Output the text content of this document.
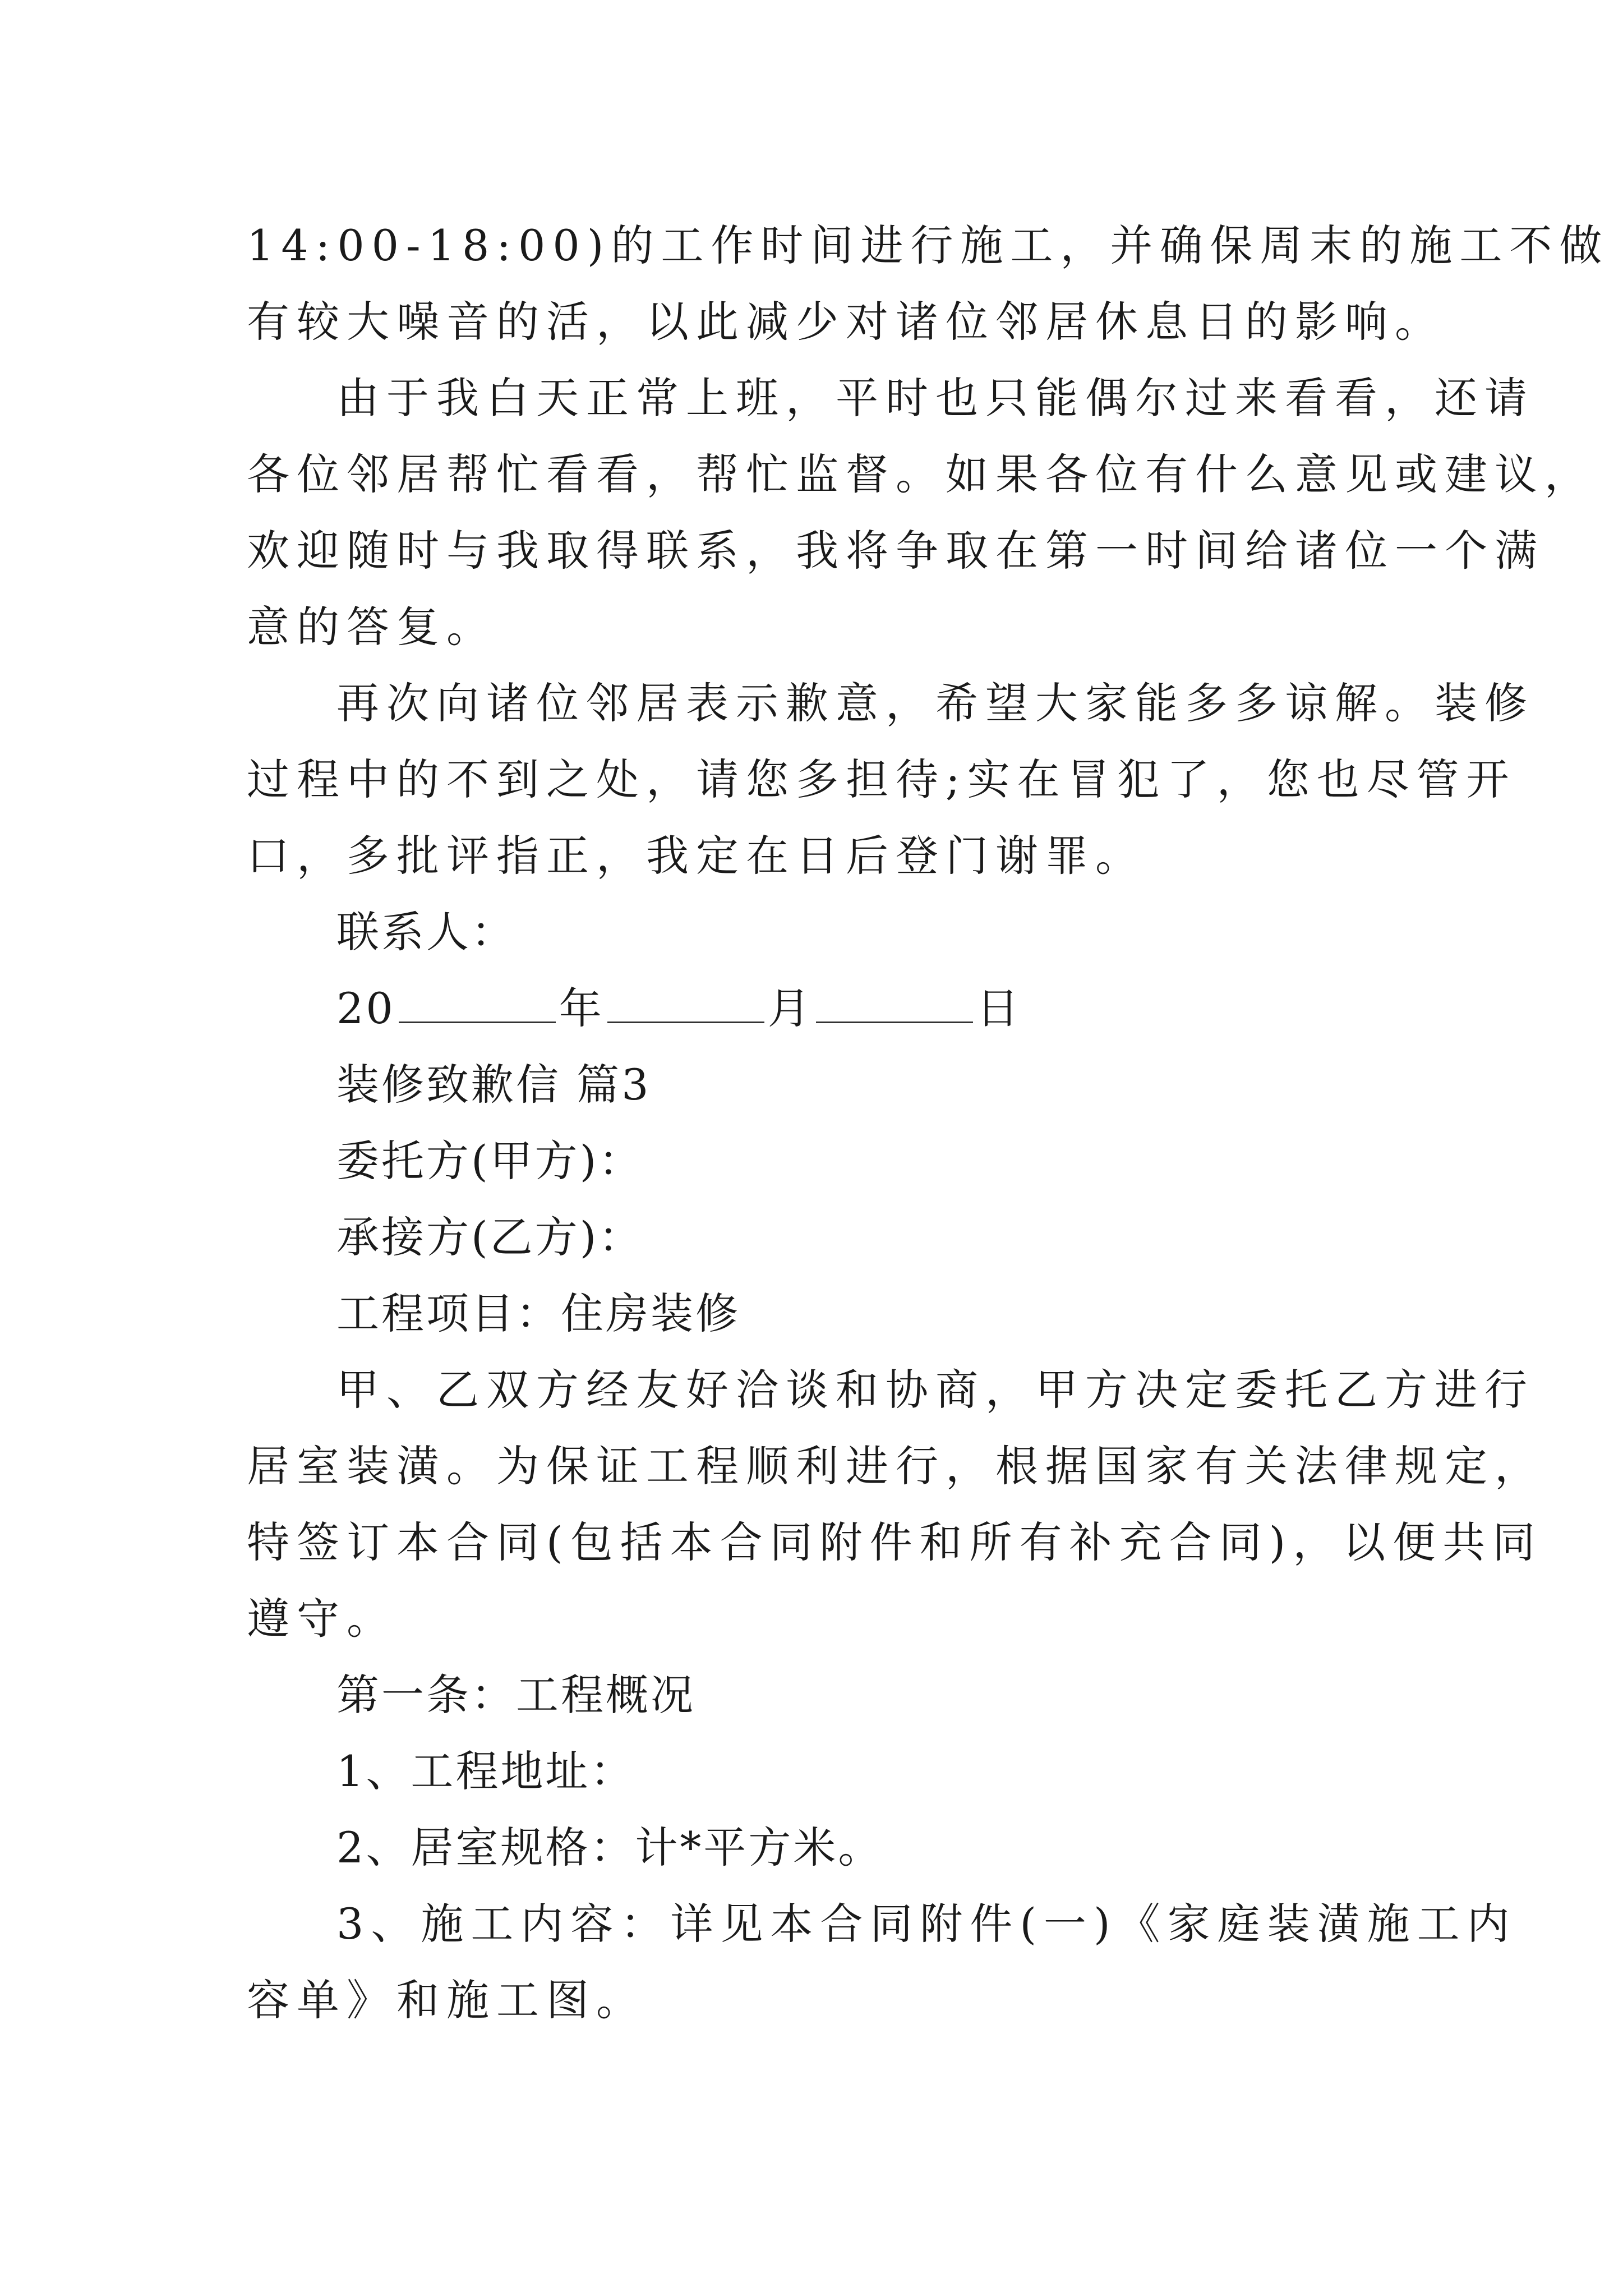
14:00-18:00)的工作时间进行施工，并确保周末的施工不做
有较大噪音的活，以此减少对诸位邻居休息日的影响。
由于我白天正常上班，平时也只能偶尔过来看看，还请
各位邻居帮忙看看，帮忙监督。如果各位有什么意见或建议，
欢迎随时与我取得联系，我将争取在第一时间给诸位一个满
意的答复。
再次向诸位邻居表示歉意，希望大家能多多谅解。装修
过程中的不到之处，请您多担待;实在冒犯了，您也尽管开
口，多批评指正，我定在日后登门谢罪。
联系人：
20	年	月	日
装修致歉信 篇3
委托方(甲方)：
承接方(乙方)：
工程项目：住房装修
甲、乙双方经友好洽谈和协商，甲方决定委托乙方进行
居室装潢。为保证工程顺利进行，根据国家有关法律规定，
特签订本合同(包括本合同附件和所有补充合同)，以便共同
遵守。
第一条：工程概况
1、工程地址：
2、居室规格：计*平方米。
3、施工内容：详见本合同附件(一)《家庭装潢施工内
容单》和施工图。
